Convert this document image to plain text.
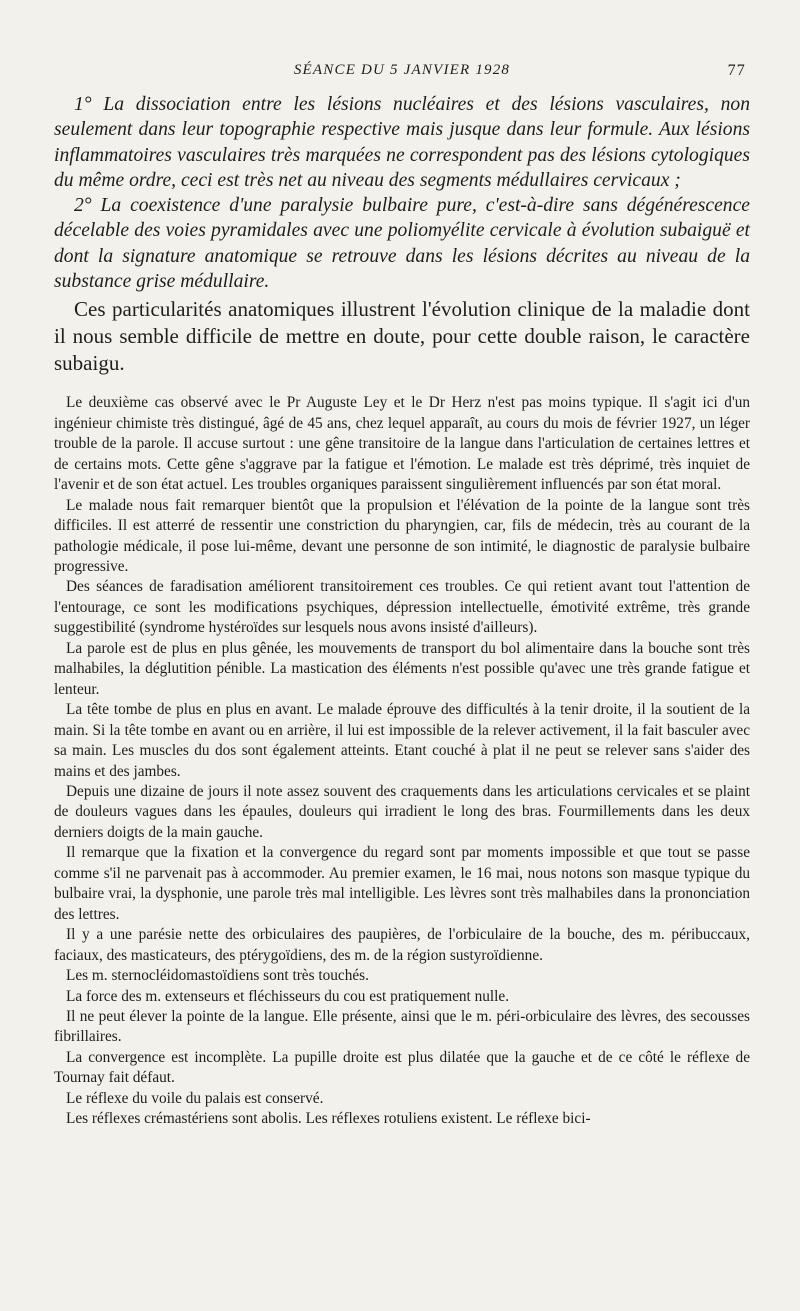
SÉANCE DU 5 JANVIER 1928	77

1° La dissociation entre les lésions nucléaires et des lésions vasculaires, non seulement dans leur topographie respective mais jusque dans leur formule. Aux lésions inflammatoires vasculaires très marquées ne correspondent pas des lésions cytologiques du même ordre, ceci est très net au niveau des segments médullaires cervicaux ;

2° La coexistence d'une paralysie bulbaire pure, c'est-à-dire sans dégénérescence décelable des voies pyramidales avec une poliomyélite cervicale à évolution subaiguë et dont la signature anatomique se retrouve dans les lésions décrites au niveau de la substance grise médullaire.

Ces particularités anatomiques illustrent l'évolution clinique de la maladie dont il nous semble difficile de mettre en doute, pour cette double raison, le caractère subaigu.

Le deuxième cas observé avec le Pr Auguste Ley et le Dr Herz n'est pas moins typique. Il s'agit ici d'un ingénieur chimiste très distingué, âgé de 45 ans, chez lequel apparaît, au cours du mois de février 1927, un léger trouble de la parole. Il accuse surtout : une gêne transitoire de la langue dans l'articulation de certaines lettres et de certains mots. Cette gêne s'aggrave par la fatigue et l'émotion. Le malade est très déprimé, très inquiet de l'avenir et de son état actuel. Les troubles organiques paraissent singulièrement influencés par son état moral.

Le malade nous fait remarquer bientôt que la propulsion et l'élévation de la pointe de la langue sont très difficiles. Il est atterré de ressentir une constriction du pharyngien, car, fils de médecin, très au courant de la pathologie médicale, il pose lui-même, devant une personne de son intimité, le diagnostic de paralysie bulbaire progressive.

Des séances de faradisation améliorent transitoirement ces troubles. Ce qui retient avant tout l'attention de l'entourage, ce sont les modifications psychiques, dépression intellectuelle, émotivité extrême, très grande suggestibilité (syndrome hystéroïdes sur lesquels nous avons insisté d'ailleurs).

La parole est de plus en plus gênée, les mouvements de transport du bol alimentaire dans la bouche sont très malhabiles, la déglutition pénible. La mastication des éléments n'est possible qu'avec une très grande fatigue et lenteur.

La tête tombe de plus en plus en avant. Le malade éprouve des difficultés à la tenir droite, il la soutient de la main. Si la tête tombe en avant ou en arrière, il lui est impossible de la relever activement, il la fait basculer avec sa main. Les muscles du dos sont également atteints. Etant couché à plat il ne peut se relever sans s'aider des mains et des jambes.

Depuis une dizaine de jours il note assez souvent des craquements dans les articulations cervicales et se plaint de douleurs vagues dans les épaules, douleurs qui irradient le long des bras. Fourmillements dans les deux derniers doigts de la main gauche.

Il remarque que la fixation et la convergence du regard sont par moments impossible et que tout se passe comme s'il ne parvenait pas à accommoder. Au premier examen, le 16 mai, nous notons son masque typique du bulbaire vrai, la dysphonie, une parole très mal intelligible. Les lèvres sont très malhabiles dans la prononciation des lettres.

Il y a une parésie nette des orbiculaires des paupières, de l'orbiculaire de la bouche, des m. péribuccaux, faciaux, des masticateurs, des ptérygoïdiens, des m. de la région sustyroïdienne.

Les m. sternocléidomastoïdiens sont très touchés.

La force des m. extenseurs et fléchisseurs du cou est pratiquement nulle.

Il ne peut élever la pointe de la langue. Elle présente, ainsi que le m. péri-orbiculaire des lèvres, des secousses fibrillaires.

La convergence est incomplète. La pupille droite est plus dilatée que la gauche et de ce côté le réflexe de Tournay fait défaut.

Le réflexe du voile du palais est conservé.

Les réflexes crémastériens sont abolis. Les réflexes rotuliens existent. Le réflexe bici-
